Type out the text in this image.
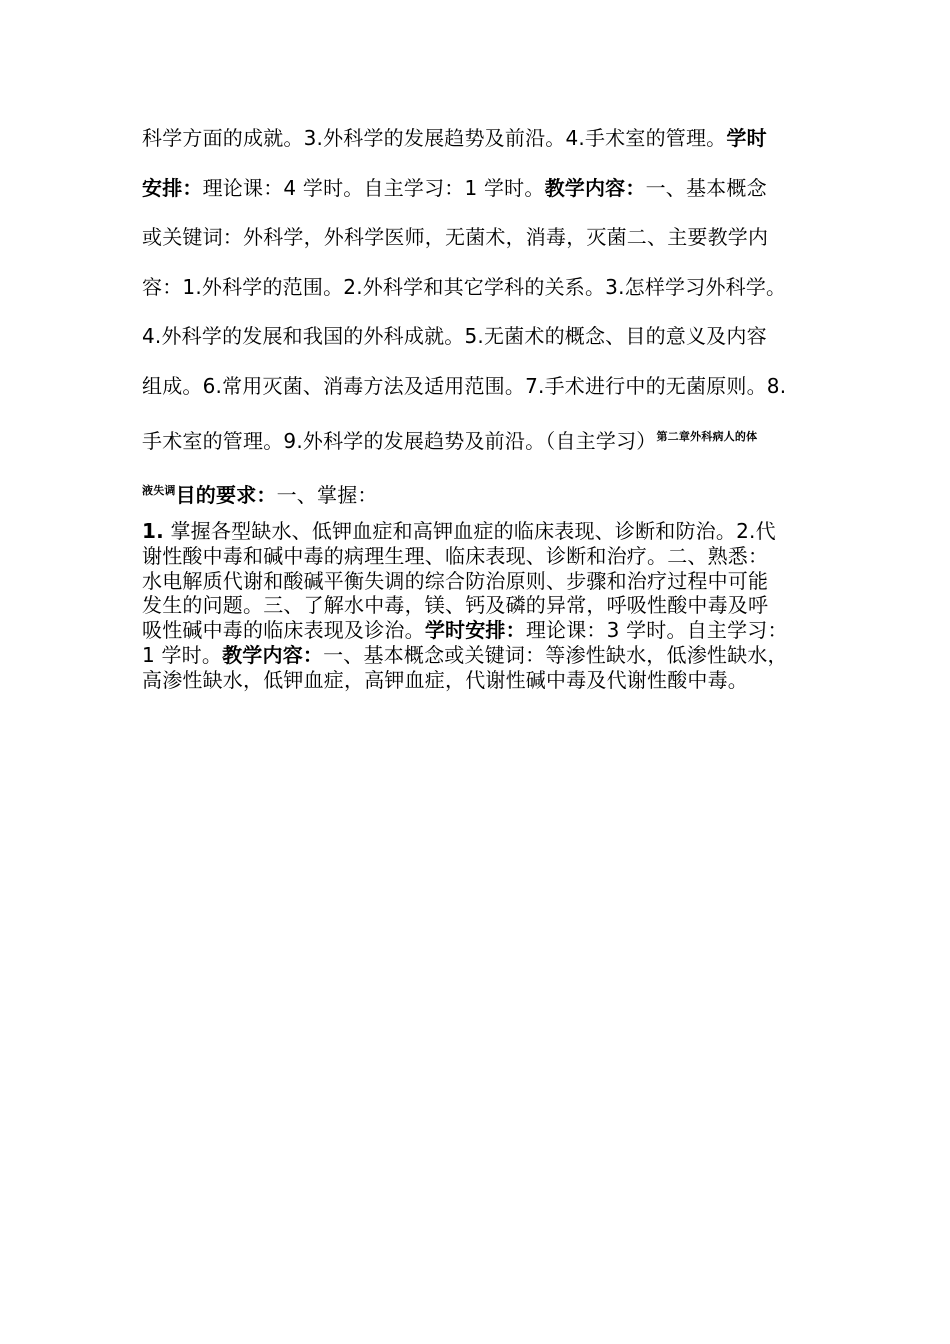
科学方面的成就。3.外科学的发展趋势及前沿。4.手术室的管理。学时
安排：理论课：4 学时。自主学习：1 学时。教学内容：一、基本概念
或关键词：外科学，外科学医师，无菌术，消毒，灭菌二、主要教学内
容：1.外科学的范围。2.外科学和其它学科的关系。3.怎样学习外科学。
4.外科学的发展和我国的外科成就。5.无菌术的概念、目的意义及内容
组成。6.常用灭菌、消毒方法及适用范围。7.手术进行中的无菌原则。8.
手术室的管理。9.外科学的发展趋势及前沿。（自主学习）$^{第二章外科病人的体}$
$^{液失调}$目的要求：一、掌握：
1. 掌握各型缺水、低钾血症和高钾血症的临床表现、诊断和防治。2.代
谢性酸中毒和碱中毒的病理生理、临床表现、诊断和治疗。二、熟悉：
水电解质代谢和酸碱平衡失调的综合防治原则、步骤和治疗过程中可能
发生的问题。三、了解水中毒，镁、钙及磷的异常，呼吸性酸中毒及呼
吸性碱中毒的临床表现及诊治。学时安排：理论课：3 学时。自主学习：
1 学时。教学内容：一、基本概念或关键词：等渗性缺水，低渗性缺水，
高渗性缺水，低钾血症，高钾血症，代谢性碱中毒及代谢性酸中毒。
